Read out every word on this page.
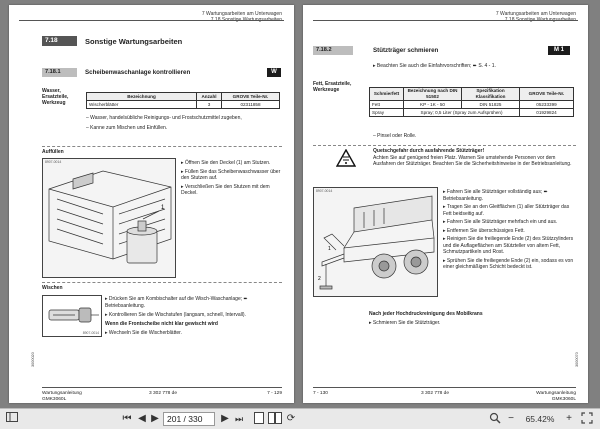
7 Wartungsarbeiten am Unterwagen
7.18 Sonstige Wartungsarbeiten
7.18	Sonstige Wartungsarbeiten
7.18.1	Scheibenwaschanlage kontrollieren	W
Wasser, Ersatzteile, Werkzeug
Bezeichnung	Anzahl	GROVE Teile-Nr.
Wischerblätter	3	02311858
– Wasser, handelsübliche Reinigungs- und Frostschutzmittel zugeben,
– Kanne zum Mischen und Einfüllen.
Auffüllen
8907-0014
1
▸ Öffnen Sie den Deckel (1) am Stutzen.
▸ Füllen Sie das Scheibenwaschwasser über den Stutzen auf.
▸ Verschließen Sie den Stutzen mit dem Deckel.
Wischen
8907-0014
▸ Drücken Sie am Kombischalter auf die Wisch-Waschanlage; ➨ Betriebsanleitung.
▸ Kontrollieren Sie die Wischstufen (langsam, schnell, Intervall).
Wenn die Frontscheibe nicht klar gewischt wird
▸ Wechseln Sie die Wischerblätter.
3000020
Wartungsanleitung
GMK3060L
3 302 778 de	7 - 129
7 Wartungsarbeiten am Unterwagen
7.18 Sonstige Wartungsarbeiten
7.18.2	Stützträger schmieren	M 1
▸ Beachten Sie auch die Einfahrvorschriften; ➨ S. 4 - 1.
Fett, Ersatzteile, Werkzeuge
Schmierfett	Bezeichnung nach DIN 51502	Spezifikation Klassifikation	GROVE Teile-Nr.
Fett	KP - 1K - 50	DIN 51825	05233399
Spray	Spray; 0,5 Liter (Spray zum Aufsprühen)		01929824
– Pinsel oder Rolle.
Quetschgefahr durch ausfahrende Stützträger!
Achten Sie auf genügend freien Platz. Warnen Sie umstehende Personen vor dem Ausfahren der Stützträger. Beachten Sie die Sicherheitshinweise in der Betriebsanleitung.
8907-0014
1
2
▸ Fahren Sie alle Stützträger vollständig aus; ➨ Betriebsanleitung.
▸ Tragen Sie an den Gleitflächen (1) aller Stützträger das Fett beidseitig auf.
▸ Fahren Sie alle Stützträger mehrfach ein und aus.
▸ Entfernen Sie überschüssiges Fett.
▸ Reinigen Sie die freiliegende Ende (2) des Stützzylinders und die Auflageflächen am Stützteller von altem Fett, Schmutzpartikeln und Rost.
▸ Sprühen Sie die freiliegende Ende (2) ein, sodass es von einer gleichmäßigen Schicht bedeckt ist.
Nach jeder Hochdruckreinigung des Mobilkrans
▸ Schmieren Sie die Stützträger.
3000070
7 - 130	3 302 778 de	Wartungsanleitung
GMK3060L
⏮ ◀ ▶ 201 / 330	▶ ⏭	⟳	−	65.42%	+
